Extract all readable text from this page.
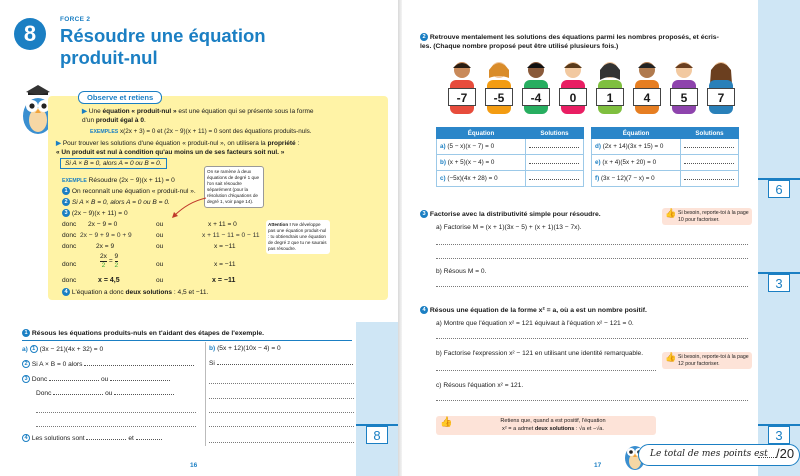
8
FORCE 2
Résoudre une équation
produit-nul
Observe et retiens
▶ Une équation « produit-nul » est une équation qui se présente sous la forme
d'un produit égal à 0.
EXEMPLES x(2x + 3) = 0 et (2x − 9)(x + 11) = 0 sont des équations produits-nuls.
▶ Pour trouver les solutions d'une équation « produit-nul », on utilisera la propriété :
« Un produit est nul à condition qu'au moins un de ses facteurs soit nul. »
Si A × B = 0, alors A = 0 ou B = 0.
EXEMPLE Résoudre (2x − 9)(x + 11) = 0
1 On reconnaît une équation « produit-nul ».
2 Si A × B = 0, alors A = 0 ou B = 0.
3 (2x − 9)(x + 11) = 0
donc 2x − 9 = 0	ou	x + 11 = 0
donc 2x − 9 + 9 = 0 + 9	ou	x + 11 − 11 = 0 − 11
donc	2x = 9	ou	x = −11
donc	$\frac{2x}{2} = \frac{9}{2}$	ou	x = −11
donc	x = 4,5	ou	x = −11
4 L'équation a donc deux solutions : 4,5 et −11.
On se ramène à deux équations de degré 1 que l'on sait résoudre séparément (pour la résolution d'équations de degré 1, voir page 14).
Attention ! Ne développe pas une équation produit-nul : tu obtiendrais une équation de degré 2 que tu ne saurais pas résoudre.
1 Résous les équations produits-nuls en t'aidant des étapes de l'exemple.
a) 1 (3x − 21)(4x + 32) = 0	b) (5x + 12)(10x − 4) = 0
2 Si A × B = 0 alors	Si
3 Donc	ou
Donc	ou
4 Les solutions sont	et	8
16
2 Retrouve mentalement les solutions des équations parmi les nombres proposés, et écris-les. (Chaque nombre proposé peut être utilisé plusieurs fois.)
-7	-5	-4	0	1	4	5	7
Équation	Solutions
a) (5 − x)(x − 7) = 0	
b) (x + 5)(x − 4) = 0	
c) (−5x)(4x + 28) = 0	
Équation	Solutions
d) (2x + 14)(3x + 15) = 0	
e) (x + 4)(5x + 20) = 0	
f) (3x − 12)(7 − x) = 0	
6
3 Factorise avec la distributivité simple pour résoudre.
a) Factorise M = (x + 1)(3x − 5) + (x + 1)(13 − 7x).
👍 Si besoin, reporte-toi à la page 10 pour factoriser.
b) Résous M = 0.
3
4 Résous une équation de la forme x² = a, où a est un nombre positif.
a) Montre que l'équation x² = 121 équivaut à l'équation x² − 121 = 0.
b) Factorise l'expression x² − 121 en utilisant une identité remarquable. 👍 Si besoin, reporte-toi à la page 12 pour factoriser.
c) Résous l'équation x² = 121.
👍	Retiens que, quand a est positif, l'équation
x² = a admet deux solutions : √a et −√a.	3
Le total de mes points est /20
17
